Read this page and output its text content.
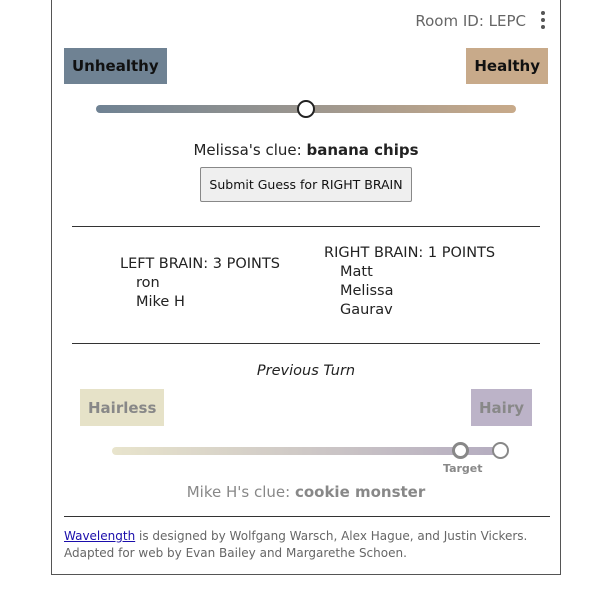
Room ID: LEPC
Unhealthy	Healthy
Melissa's clue: banana chips
Submit Guess for RIGHT BRAIN
LEFT BRAIN: 3 POINTS
ron
Mike H
RIGHT BRAIN: 1 POINTS
Matt
Melissa
Gaurav
Previous Turn
Hairless	Hairy
Target
Mike H's clue: cookie monster
Wavelength is designed by Wolfgang Warsch, Alex Hague, and Justin Vickers.
Adapted for web by Evan Bailey and Margarethe Schoen.
